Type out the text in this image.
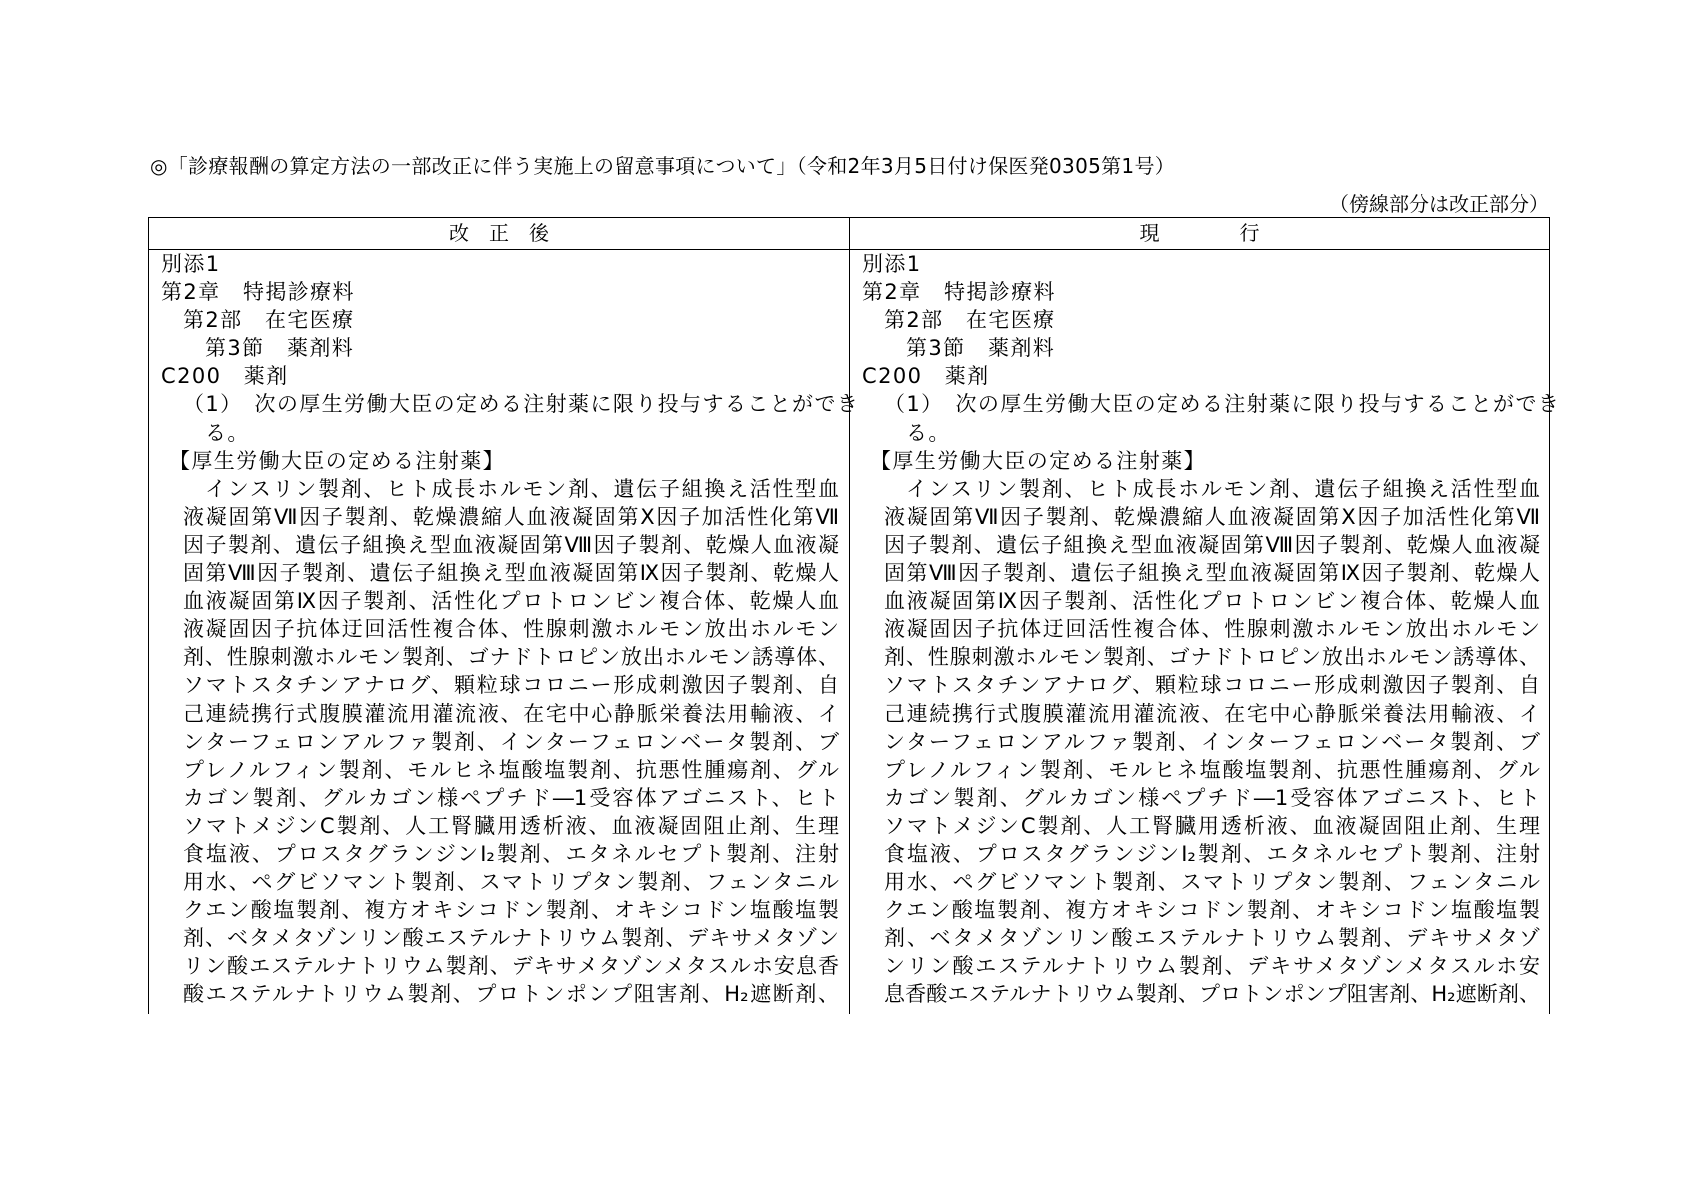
◎「診療報酬の算定方法の一部改正に伴う実施上の留意事項について」（令和2年3月5日付け保医発0305第1号）
（傍線部分は改正部分）
改　正　後	現　　　　行
別添1
第2章　特掲診療料
第2部　在宅医療
第3節　薬剤料
C200　薬剤
（1）　次の厚生労働大臣の定める注射薬に限り投与することができ
る。
【厚生労働大臣の定める注射薬】
インスリン製剤、ヒト成長ホルモン剤、遺伝子組換え活性型血
液凝固第Ⅶ因子製剤、乾燥濃縮人血液凝固第Ⅹ因子加活性化第Ⅶ
因子製剤、遺伝子組換え型血液凝固第Ⅷ因子製剤、乾燥人血液凝
固第Ⅷ因子製剤、遺伝子組換え型血液凝固第Ⅸ因子製剤、乾燥人
血液凝固第Ⅸ因子製剤、活性化プロトロンビン複合体、乾燥人血
液凝固因子抗体迂回活性複合体、性腺刺激ホルモン放出ホルモン
剤、性腺刺激ホルモン製剤、ゴナドトロピン放出ホルモン誘導体、
ソマトスタチンアナログ、顆粒球コロニー形成刺激因子製剤、自
己連続携行式腹膜灌流用灌流液、在宅中心静脈栄養法用輸液、イ
ンターフェロンアルファ製剤、インターフェロンベータ製剤、ブ
プレノルフィン製剤、モルヒネ塩酸塩製剤、抗悪性腫瘍剤、グル
カゴン製剤、グルカゴン様ペプチド―1受容体アゴニスト、ヒト
ソマトメジンC製剤、人工腎臓用透析液、血液凝固阻止剤、生理
食塩液、プロスタグランジンI₂製剤、エタネルセプト製剤、注射
用水、ペグビソマント製剤、スマトリプタン製剤、フェンタニル
クエン酸塩製剤、複方オキシコドン製剤、オキシコドン塩酸塩製
剤、ベタメタゾンリン酸エステルナトリウム製剤、デキサメタゾン
リン酸エステルナトリウム製剤、デキサメタゾンメタスルホ安息香
酸エステルナトリウム製剤、プロトンポンプ阻害剤、H₂遮断剤、
別添1
第2章　特掲診療料
第2部　在宅医療
第3節　薬剤料
C200　薬剤
（1）　次の厚生労働大臣の定める注射薬に限り投与することができ
る。
【厚生労働大臣の定める注射薬】
インスリン製剤、ヒト成長ホルモン剤、遺伝子組換え活性型血
液凝固第Ⅶ因子製剤、乾燥濃縮人血液凝固第Ⅹ因子加活性化第Ⅶ
因子製剤、遺伝子組換え型血液凝固第Ⅷ因子製剤、乾燥人血液凝
固第Ⅷ因子製剤、遺伝子組換え型血液凝固第Ⅸ因子製剤、乾燥人
血液凝固第Ⅸ因子製剤、活性化プロトロンビン複合体、乾燥人血
液凝固因子抗体迂回活性複合体、性腺刺激ホルモン放出ホルモン
剤、性腺刺激ホルモン製剤、ゴナドトロピン放出ホルモン誘導体、
ソマトスタチンアナログ、顆粒球コロニー形成刺激因子製剤、自
己連続携行式腹膜灌流用灌流液、在宅中心静脈栄養法用輸液、イ
ンターフェロンアルファ製剤、インターフェロンベータ製剤、ブ
プレノルフィン製剤、モルヒネ塩酸塩製剤、抗悪性腫瘍剤、グル
カゴン製剤、グルカゴン様ペプチド―1受容体アゴニスト、ヒト
ソマトメジンC製剤、人工腎臓用透析液、血液凝固阻止剤、生理
食塩液、プロスタグランジンI₂製剤、エタネルセプト製剤、注射
用水、ペグビソマント製剤、スマトリプタン製剤、フェンタニル
クエン酸塩製剤、複方オキシコドン製剤、オキシコドン塩酸塩製
剤、ベタメタゾンリン酸エステルナトリウム製剤、デキサメタゾ
ンリン酸エステルナトリウム製剤、デキサメタゾンメタスルホ安
息香酸エステルナトリウム製剤、プロトンポンプ阻害剤、H₂遮断剤、
